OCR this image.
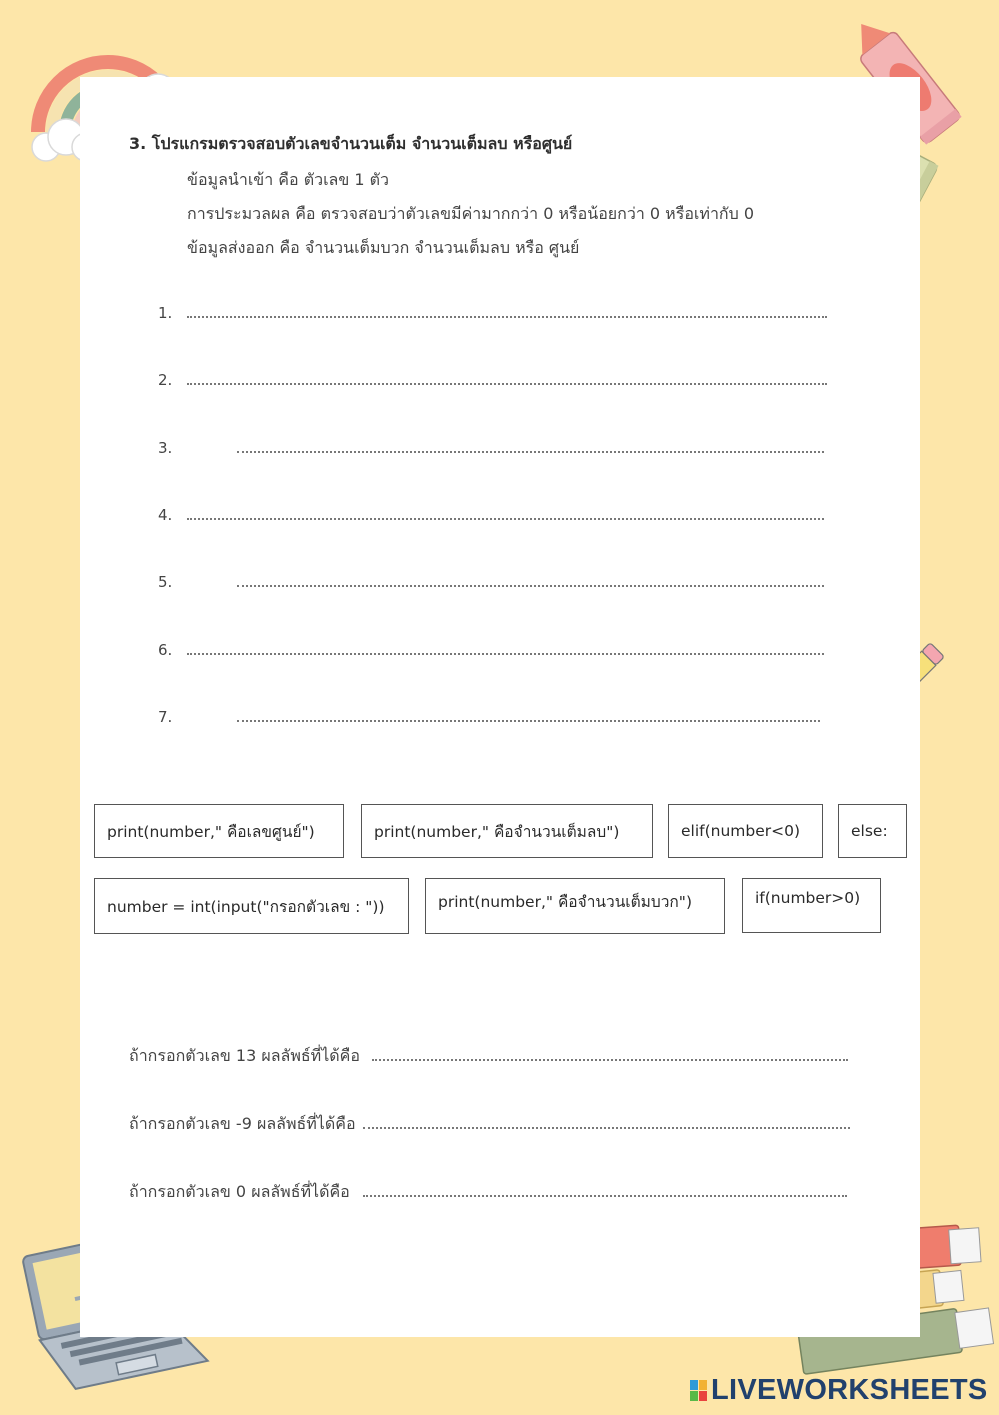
3. โปรแกรมตรวจสอบตัวเลขจำนวนเต็ม จำนวนเต็มลบ หรือศูนย์
ข้อมูลนำเข้า คือ ตัวเลข 1 ตัว
การประมวลผล คือ ตรวจสอบว่าตัวเลขมีค่ามากกว่า 0 หรือน้อยกว่า 0 หรือเท่ากับ 0
ข้อมูลส่งออก คือ จำนวนเต็มบวก จำนวนเต็มลบ หรือ ศูนย์
1.
2.
3.
4.
5.
6.
7.
print(number," คือเลขศูนย์")	print(number," คือจำนวนเต็มลบ")	elif(number<0)	else:
number = int(input("กรอกตัวเลข : "))	print(number," คือจำนวนเต็มบวก")	if(number>0)
ถ้ากรอกตัวเลข 13 ผลลัพธ์ที่ได้คือ
ถ้ากรอกตัวเลข -9 ผลลัพธ์ที่ได้คือ
ถ้ากรอกตัวเลข 0 ผลลัพธ์ที่ได้คือ
LIVEWORKSHEETS
